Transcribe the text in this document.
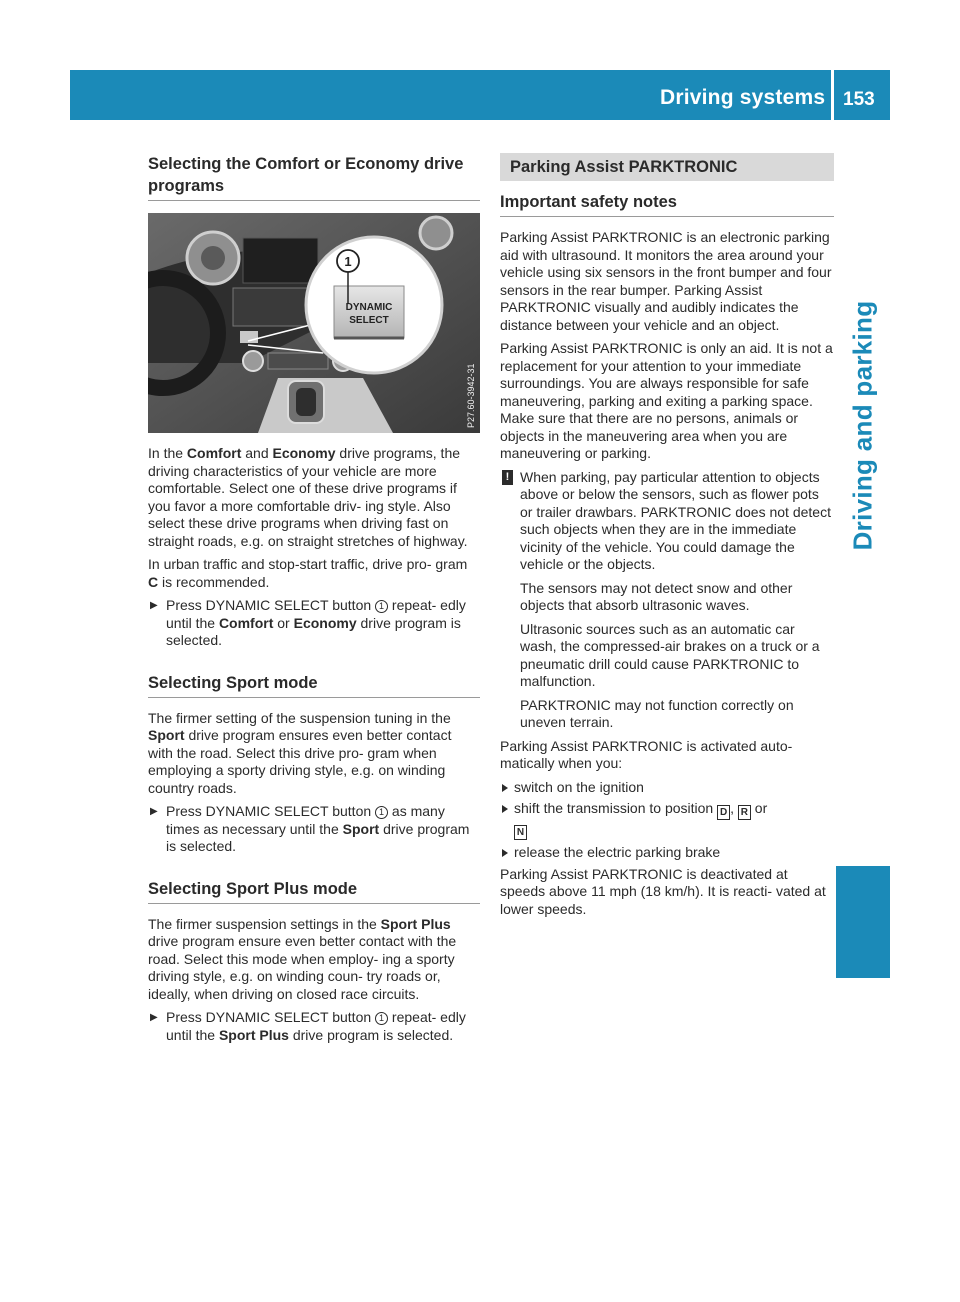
Driving systems 153
Driving and parking
Selecting the Comfort or Economy drive programs
DYNAMIC
SELECT
1
P27.60-3942-31

In the Comfort and Economy drive programs, the driving characteristics of your vehicle are more comfortable. Select one of these drive programs if you favor a more comfortable driv- ing style. Also select these drive programs when driving fast on straight roads, e.g. on straight stretches of highway.

In urban traffic and stop-start traffic, drive pro- gram C is recommended.

▶ Press DYNAMIC SELECT button 1 repeat- edly until the Comfort or Economy drive program is selected.
Selecting Sport mode

The firmer setting of the suspension tuning in the Sport drive program ensures even better contact with the road. Select this drive pro- gram when employing a sporty driving style, e.g. on winding country roads.

▶ Press DYNAMIC SELECT button 1 as many times as necessary until the Sport drive program is selected.
Selecting Sport Plus mode

The firmer suspension settings in the Sport Plus drive program ensure even better contact with the road. Select this mode when employ- ing a sporty driving style, e.g. on winding coun- try roads or, ideally, when driving on closed race circuits.

▶ Press DYNAMIC SELECT button 1 repeat- edly until the Sport Plus drive program is selected.
Parking Assist PARKTRONIC
Important safety notes

Parking Assist PARKTRONIC is an electronic parking aid with ultrasound. It monitors the area around your vehicle using six sensors in the front bumper and four sensors in the rear bumper. Parking Assist PARKTRONIC visually and audibly indicates the distance between your vehicle and an object.

Parking Assist PARKTRONIC is only an aid. It is not a replacement for your attention to your immediate surroundings. You are always responsible for safe maneuvering, parking and exiting a parking space. Make sure that there are no persons, animals or objects in the maneuvering area when you are maneuvering or parking.

! When parking, pay particular attention to objects above or below the sensors, such as flower pots or trailer drawbars. PARKTRONIC does not detect such objects when they are in the immediate vicinity of the vehicle. You could damage the vehicle or the objects.

The sensors may not detect snow and other objects that absorb ultrasonic waves.

Ultrasonic sources such as an automatic car wash, the compressed-air brakes on a truck or a pneumatic drill could cause PARKTRONIC to malfunction.

PARKTRONIC may not function correctly on uneven terrain.

Parking Assist PARKTRONIC is activated auto- matically when you:

switch on the ignition
shift the transmission to position D , R or
N
release the electric parking brake

Parking Assist PARKTRONIC is deactivated at speeds above 11 mph (18 km/h). It is reacti- vated at lower speeds.
